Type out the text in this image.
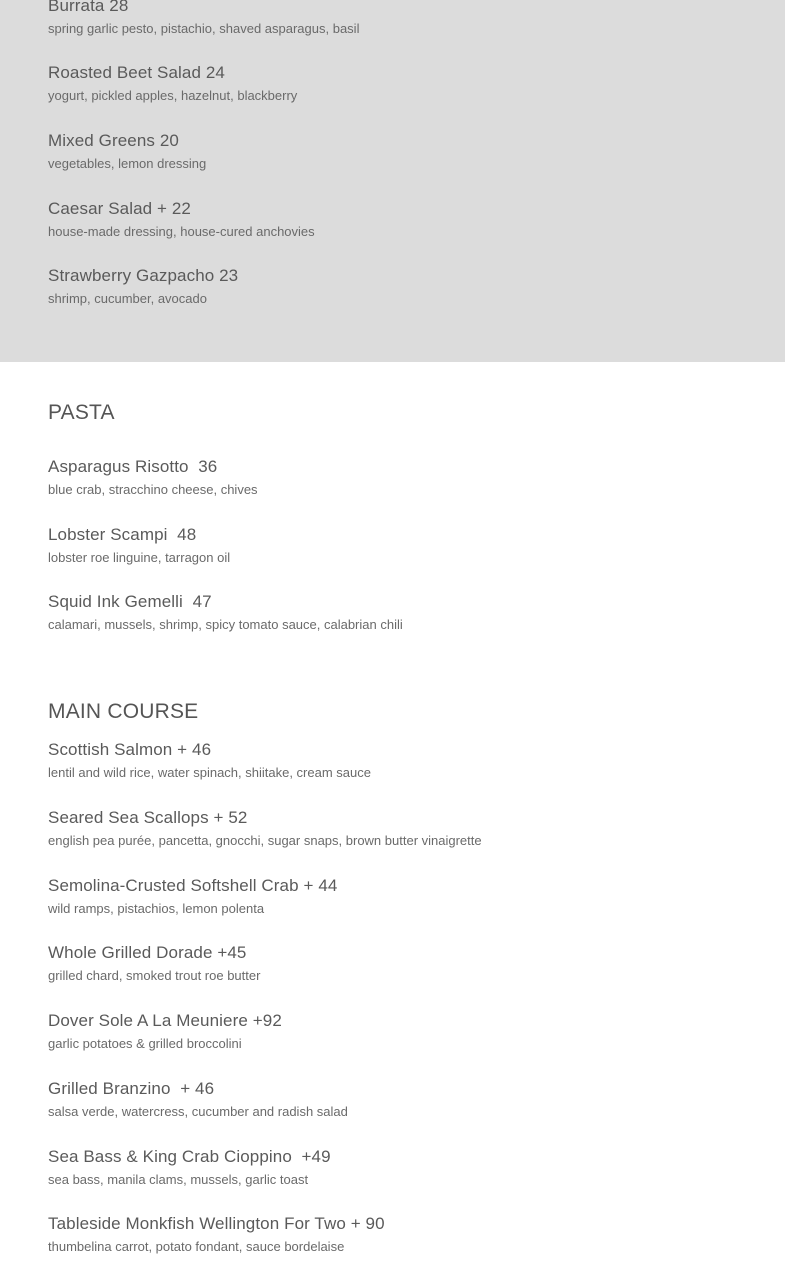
Burrata 28
spring garlic pesto, pistachio, shaved asparagus, basil
Roasted Beet Salad 24
yogurt, pickled apples, hazelnut, blackberry
Mixed Greens 20
vegetables, lemon dressing
Caesar Salad + 22
house-made dressing, house-cured anchovies
Strawberry Gazpacho 23
shrimp, cucumber, avocado
PASTA
Asparagus Risotto  36
blue crab, stracchino cheese, chives
Lobster Scampi  48
lobster roe linguine, tarragon oil
Squid Ink Gemelli  47
calamari, mussels, shrimp, spicy tomato sauce, calabrian chili
MAIN COURSE
Scottish Salmon + 46
lentil and wild rice, water spinach, shiitake, cream sauce
Seared Sea Scallops + 52
english pea purée, pancetta, gnocchi, sugar snaps, brown butter vinaigrette
Semolina-Crusted Softshell Crab + 44
wild ramps, pistachios, lemon polenta
Whole Grilled Dorade +45
grilled chard, smoked trout roe butter
Dover Sole A La Meuniere +92
garlic potatoes & grilled broccolini
Grilled Branzino  + 46
salsa verde, watercress, cucumber and radish salad
Sea Bass & King Crab Cioppino  +49
sea bass, manila clams, mussels, garlic toast
Tableside Monkfish Wellington For Two + 90
thumbelina carrot, potato fondant, sauce bordelaise
